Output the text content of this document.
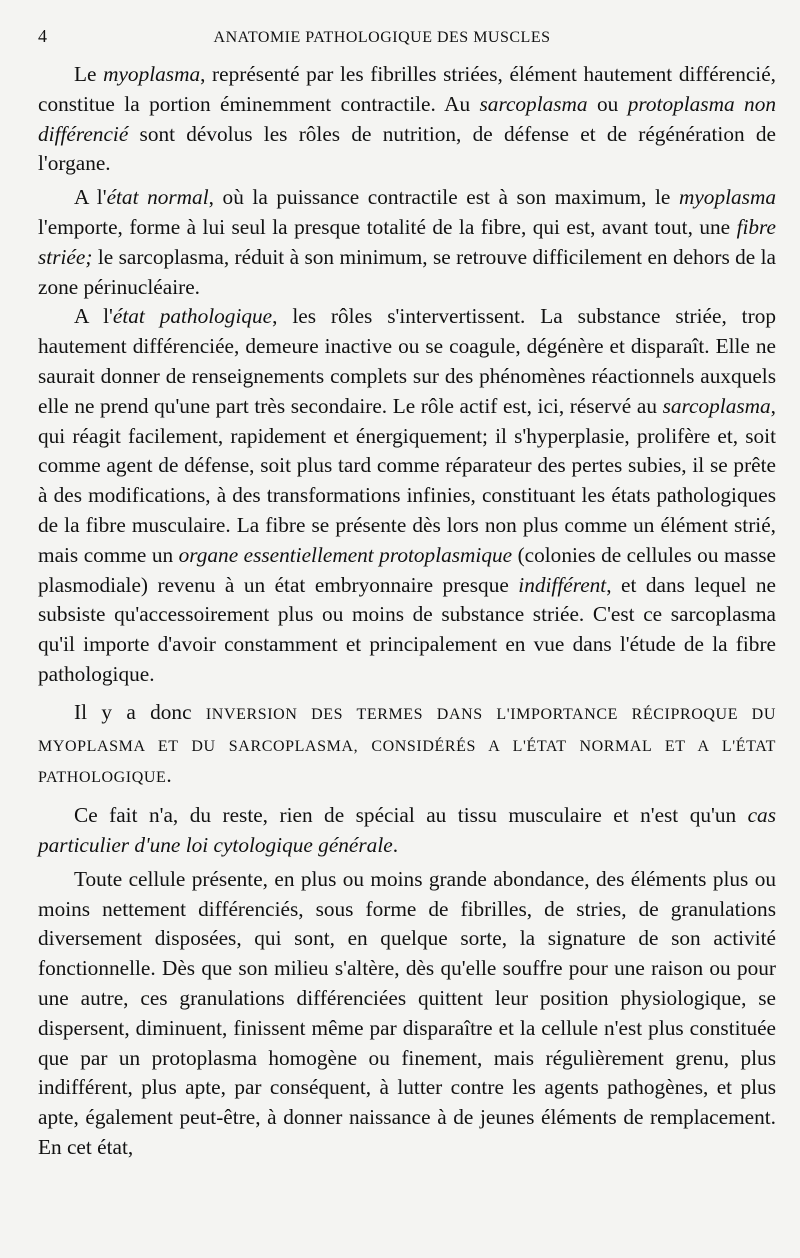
4	ANATOMIE PATHOLOGIQUE DES MUSCLES

Le myoplasma, représenté par les fibrilles striées, élément hautement différencié, constitue la portion éminemment contractile. Au sarcoplasma ou protoplasma non différencié sont dévolus les rôles de nutrition, de défense et de régénération de l'organe.

A l'état normal, où la puissance contractile est à son maximum, le myoplasma l'emporte, forme à lui seul la presque totalité de la fibre, qui est, avant tout, une fibre striée; le sarcoplasma, réduit à son minimum, se retrouve difficilement en dehors de la zone périnucléaire.

A l'état pathologique, les rôles s'intervertissent. La substance striée, trop hautement différenciée, demeure inactive ou se coagule, dégénère et disparaît. Elle ne saurait donner de renseignements complets sur des phénomènes réactionnels auxquels elle ne prend qu'une part très secondaire. Le rôle actif est, ici, réservé au sarcoplasma, qui réagit facilement, rapidement et énergiquement; il s'hyperplasie, prolifère et, soit comme agent de défense, soit plus tard comme réparateur des pertes subies, il se prête à des modifications, à des transformations infinies, constituant les états pathologiques de la fibre musculaire. La fibre se présente dès lors non plus comme un élément strié, mais comme un organe essentiellement protoplasmique (colonies de cellules ou masse plasmodiale) revenu à un état embryonnaire presque indifférent, et dans lequel ne subsiste qu'accessoirement plus ou moins de substance striée. C'est ce sarcoplasma qu'il importe d'avoir constamment et principalement en vue dans l'étude de la fibre pathologique.

Il y a donc INVERSION DES TERMES DANS L'IMPORTANCE RÉCIPROQUE DU MYOPLASMA ET DU SARCOPLASMA, CONSIDÉRÉS A L'ÉTAT NORMAL ET A L'ÉTAT PATHOLOGIQUE.

Ce fait n'a, du reste, rien de spécial au tissu musculaire et n'est qu'un cas particulier d'une loi cytologique générale.

Toute cellule présente, en plus ou moins grande abondance, des éléments plus ou moins nettement différenciés, sous forme de fibrilles, de stries, de granulations diversement disposées, qui sont, en quelque sorte, la signature de son activité fonctionnelle. Dès que son milieu s'altère, dès qu'elle souffre pour une raison ou pour une autre, ces granulations différenciées quittent leur position physiologique, se dispersent, diminuent, finissent même par disparaître et la cellule n'est plus constituée que par un protoplasma homogène ou finement, mais régulièrement grenu, plus indifférent, plus apte, par conséquent, à lutter contre les agents pathogènes, et plus apte, également peut-être, à donner naissance à de jeunes éléments de remplacement. En cet état,
